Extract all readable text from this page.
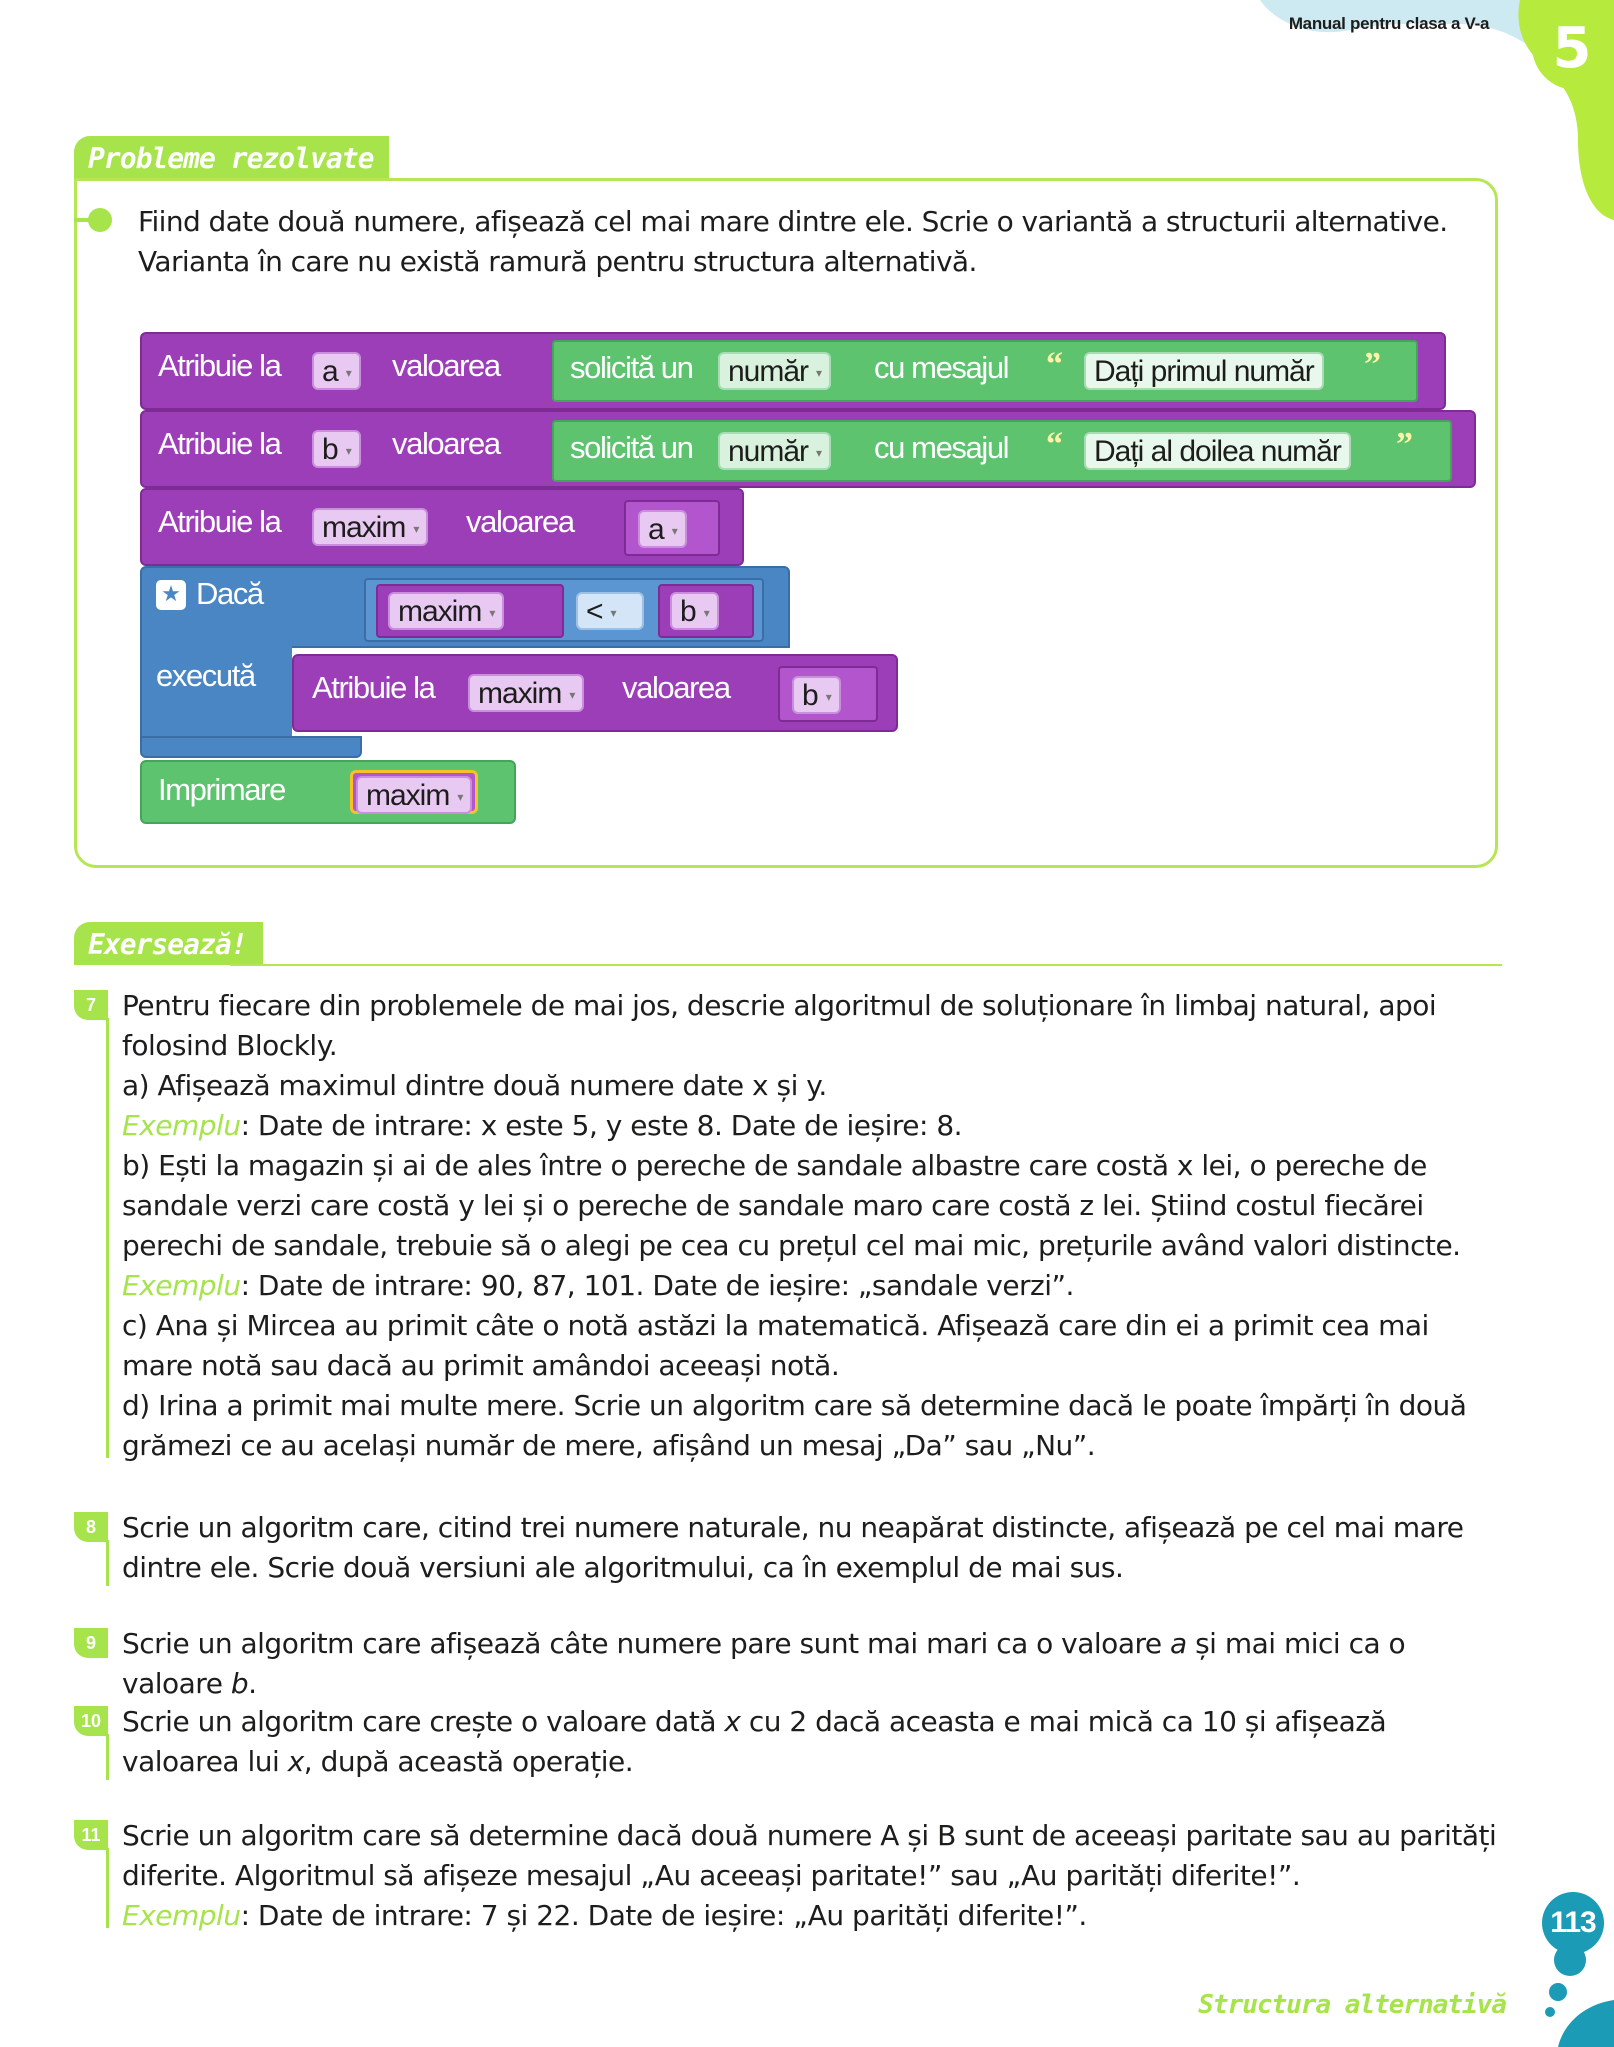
Manual pentru clasa a V-a	5
Probleme rezolvate
Fiind date două numere, afișează cel mai mare dintre ele. Scrie o variantă a structurii alternative.
Varianta în care nu există ramură pentru structura alternativă.
Atribuie la	a ▾	valoarea solicită un	număr ▾	cu mesajul “	Dați primul număr ”
Atribuie la	b ▾	valoarea solicită un	număr ▾	cu mesajul “	Dați al doilea număr ”
Atribuie la	maxim ▾	valoarea	a ▾
★ Dacă
execută
maxim ▾	< ▾	b ▾
Atribuie la	maxim ▾	valoarea	b ▾
Imprimare	maxim ▾
Exersează!
7 Pentru fiecare din problemele de mai jos, descrie algoritmul de soluționare în limbaj natural, apoi folosind Blockly.
a) Afișează maximul dintre două numere date x și y.
Exemplu: Date de intrare: x este 5, y este 8. Date de ieșire: 8.
b) Ești la magazin și ai de ales între o pereche de sandale albastre care costă x lei, o pereche de sandale verzi care costă y lei și o pereche de sandale maro care costă z lei. Știind costul fiecărei perechi de sandale, trebuie să o alegi pe cea cu prețul cel mai mic, prețurile având valori distincte.
Exemplu: Date de intrare: 90, 87, 101. Date de ieșire: „sandale verzi”.
c) Ana și Mircea au primit câte o notă astăzi la matematică. Afișează care din ei a primit cea mai mare notă sau dacă au primit amândoi aceeași notă.
d) Irina a primit mai multe mere. Scrie un algoritm care să determine dacă le poate împărți în două grămezi ce au același număr de mere, afișând un mesaj „Da” sau „Nu”.
8 Scrie un algoritm care, citind trei numere naturale, nu neapărat distincte, afișează pe cel mai mare dintre ele. Scrie două versiuni ale algoritmului, ca în exemplul de mai sus.
9 Scrie un algoritm care afișează câte numere pare sunt mai mari ca o valoare a și mai mici ca o valoare b.
10 Scrie un algoritm care crește o valoare dată x cu 2 dacă aceasta e mai mică ca 10 și afișează valoarea lui x, după această operație.
11 Scrie un algoritm care să determine dacă două numere A și B sunt de aceeași paritate sau au parități diferite. Algoritmul să afișeze mesajul „Au aceeași paritate!” sau „Au parități diferite!”.
Exemplu: Date de intrare: 7 și 22. Date de ieșire: „Au parități diferite!”.	113
Structura alternativă
